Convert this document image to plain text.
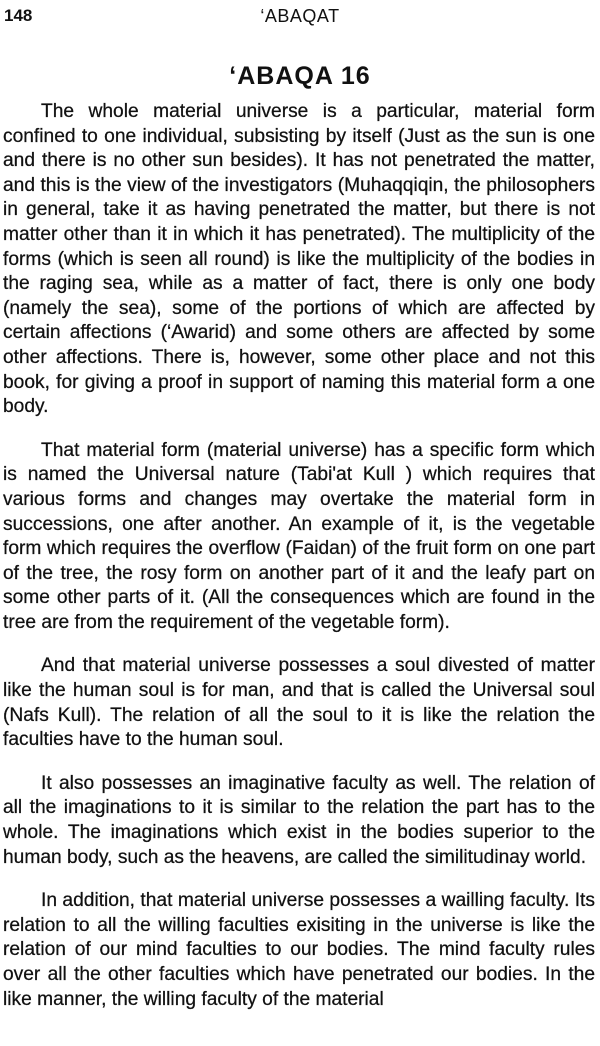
148	‘ABAQAT
‘ABAQA 16

The whole material universe is a particular, material form confined to one individual, subsisting by itself (Just as the sun is one and there is no other sun besides). It has not penetrated the matter, and this is the view of the investigators (Muhaqqiqin, the philosophers in general, take it as having penetrated the matter, but there is not matter other than it in which it has penetrated). The multiplicity of the forms (which is seen all round) is like the multiplicity of the bodies in the raging sea, while as a matter of fact, there is only one body (namely the sea), some of the portions of which are affected by certain affections (‘Awarid) and some others are affected by some other affections. There is, however, some other place and not this book, for giving a proof in support of naming this material form a one body.

That material form (material universe) has a specific form which is named the Universal nature (Tabi'at Kull ) which requires that various forms and changes may overtake the material form in successions, one after another. An example of it, is the vegetable form which requires the overflow (Faidan) of the fruit form on one part of the tree, the rosy form on another part of it and the leafy part on some other parts of it. (All the consequences which are found in the tree are from the requirement of the vegetable form).

And that material universe possesses a soul divested of matter like the human soul is for man, and that is called the Universal soul (Nafs Kull). The relation of all the soul to it is like the relation the faculties have to the human soul.

It also possesses an imaginative faculty as well. The relation of all the imaginations to it is similar to the relation the part has to the whole. The imaginations which exist in the bodies superior to the human body, such as the heavens, are called the similitudinay world.

In addition, that material universe possesses a wailling faculty. Its relation to all the willing faculties exisiting in the universe is like the relation of our mind faculties to our bodies. The mind faculty rules over all the other faculties which have penetrated our bodies. In the like manner, the willing faculty of the material
